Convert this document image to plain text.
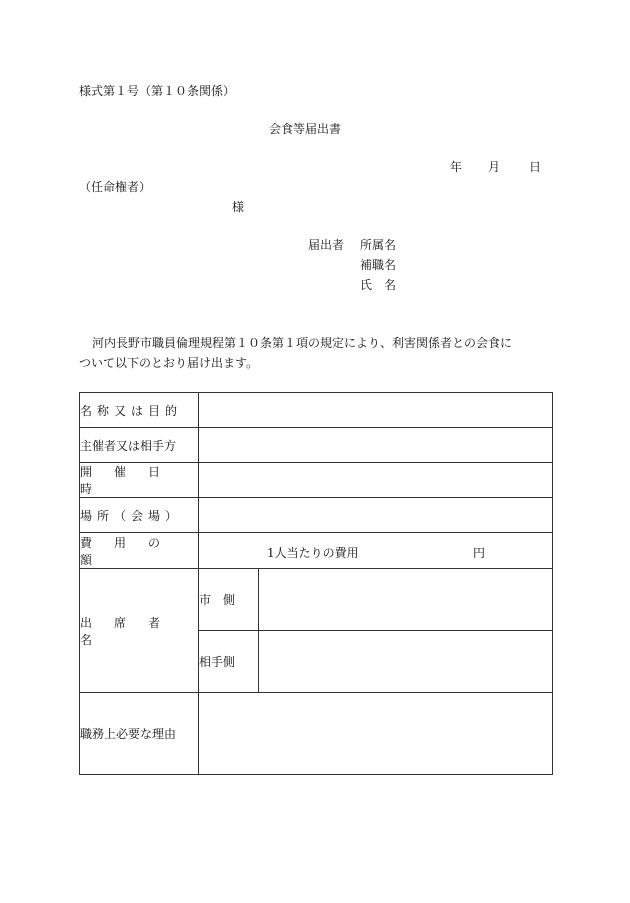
様式第１号（第１０条関係）
会食等届出書
年 月 日
（任命権者）
様
届出者 所属名
補職名
氏　名
河内長野市職員倫理規程第１０条第１項の規定により、利害関係者との会食に
ついて以下のとおり届け出ます。
名称又は目的		
主催者又は相手方		
開催日時		
場所（会場）		
費用の額	1人当たりの費用 円	

出席者名	市　側	
	相手側	
職務上必要な理由		
